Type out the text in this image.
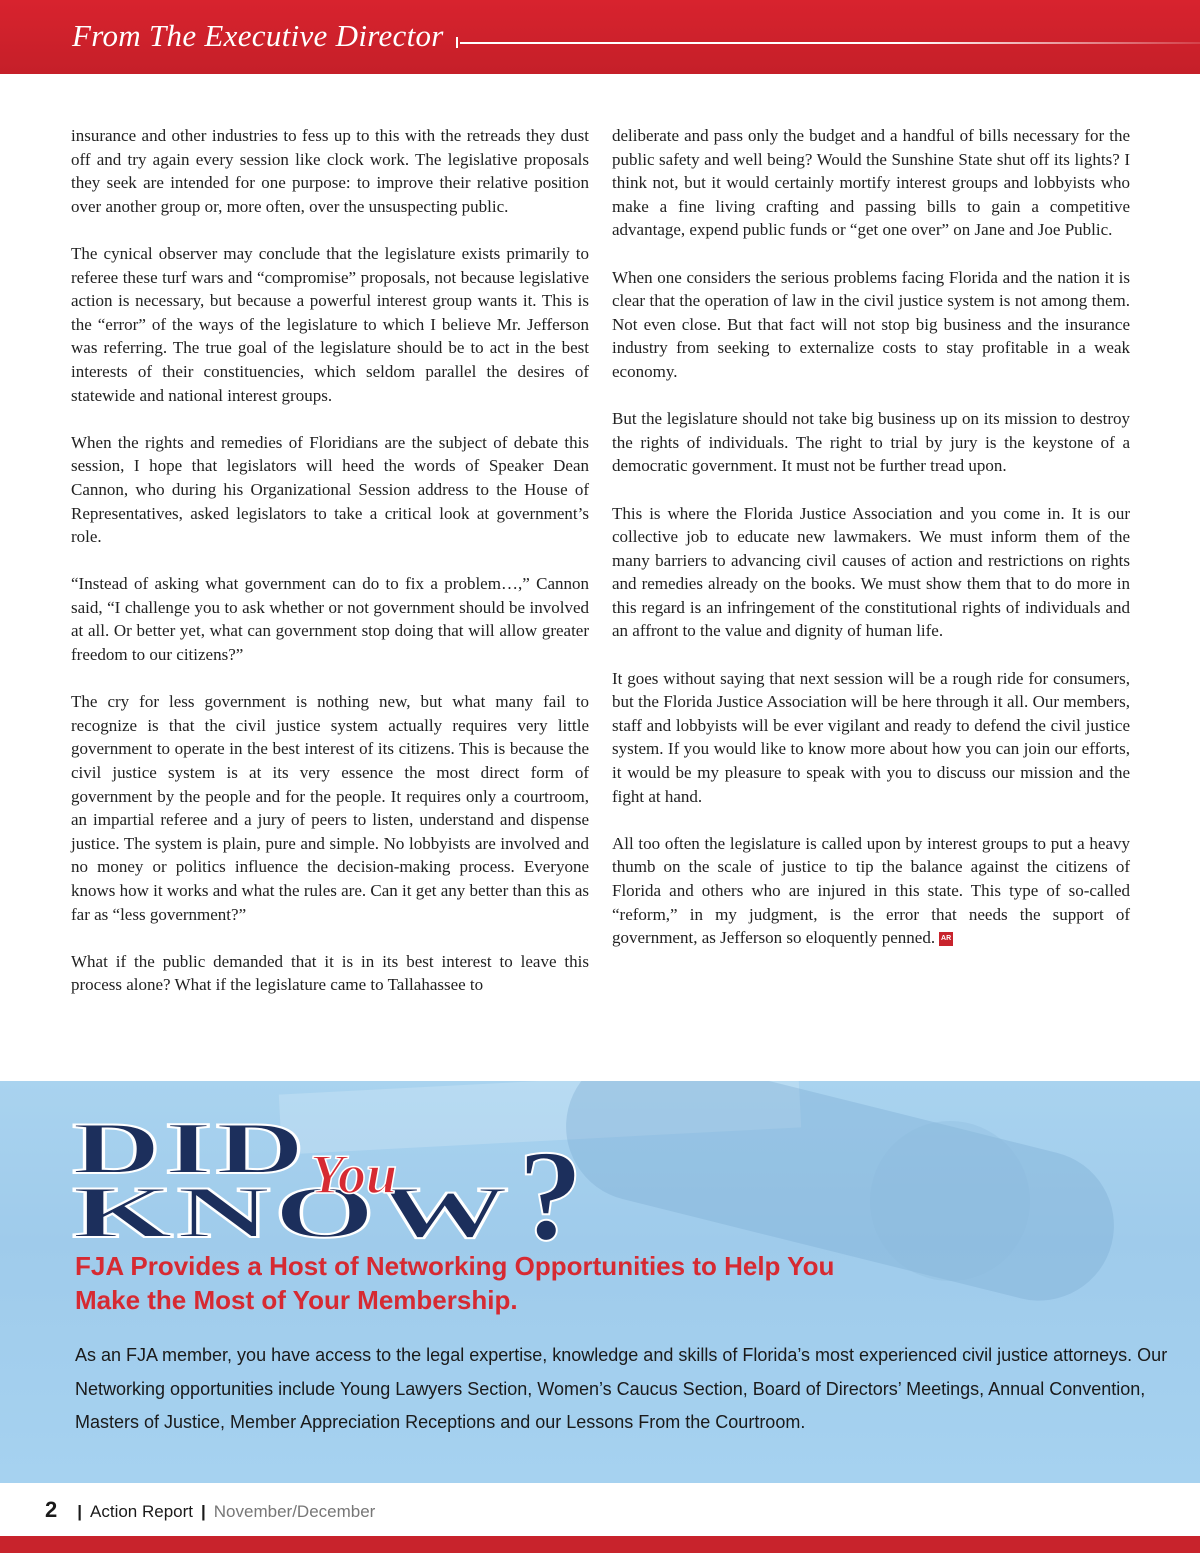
From The Executive Director

insurance and other industries to fess up to this with the retreads they dust off and try again every session like clock work. The legislative proposals they seek are intended for one purpose: to improve their relative position over another group or, more often, over the unsuspecting public.

The cynical observer may conclude that the legislature exists primarily to referee these turf wars and “compromise” proposals, not because legislative action is necessary, but because a powerful interest group wants it. This is the “error” of the ways of the legislature to which I believe Mr. Jefferson was referring. The true goal of the legislature should be to act in the best interests of their constituencies, which seldom parallel the desires of statewide and national interest groups.

When the rights and remedies of Floridians are the subject of debate this session, I hope that legislators will heed the words of Speaker Dean Cannon, who during his Organizational Session address to the House of Representatives, asked legislators to take a critical look at government’s role.

“Instead of asking what government can do to fix a problem…,” Cannon said, “I challenge you to ask whether or not government should be involved at all. Or better yet, what can government stop doing that will allow greater freedom to our citizens?”

The cry for less government is nothing new, but what many fail to recognize is that the civil justice system actually requires very little government to operate in the best interest of its citizens. This is because the civil justice system is at its very essence the most direct form of government by the people and for the people. It requires only a courtroom, an impartial referee and a jury of peers to listen, understand and dispense justice. The system is plain, pure and simple. No lobbyists are involved and no money or politics influence the decision-making process. Everyone knows how it works and what the rules are. Can it get any better than this as far as “less government?”

What if the public demanded that it is in its best interest to leave this process alone? What if the legislature came to Tallahassee to

deliberate and pass only the budget and a handful of bills necessary for the public safety and well being? Would the Sunshine State shut off its lights? I think not, but it would certainly mortify interest groups and lobbyists who make a fine living crafting and passing bills to gain a competitive advantage, expend public funds or “get one over” on Jane and Joe Public.

When one considers the serious problems facing Florida and the nation it is clear that the operation of law in the civil justice system is not among them. Not even close. But that fact will not stop big business and the insurance industry from seeking to externalize costs to stay profitable in a weak economy.

But the legislature should not take big business up on its mission to destroy the rights of individuals. The right to trial by jury is the keystone of a democratic government. It must not be further tread upon.

This is where the Florida Justice Association and you come in. It is our collective job to educate new lawmakers. We must inform them of the many barriers to advancing civil causes of action and restrictions on rights and remedies already on the books. We must show them that to do more in this regard is an infringement of the constitutional rights of individuals and an affront to the value and dignity of human life.

It goes without saying that next session will be a rough ride for consumers, but the Florida Justice Association will be here through it all. Our members, staff and lobbyists will be ever vigilant and ready to defend the civil justice system. If you would like to know more about how you can join our efforts, it would be my pleasure to speak with you to discuss our mission and the fight at hand.

All too often the legislature is called upon by interest groups to put a heavy thumb on the scale of justice to tip the balance against the citizens of Florida and others who are injured in this state. This type of so-called “reform,” in my judgment, is the error that needs the support of government, as Jefferson so eloquently penned. AR

DID
KNOW
You ?
FJA Provides a Host of Networking Opportunities to Help You
Make the Most of Your Membership.
As an FJA member, you have access to the legal expertise, knowledge and skills of Florida’s most experienced civil justice attorneys. Our Networking opportunities include Young Lawyers Section, Women’s Caucus Section, Board of Directors’ Meetings, Annual Convention, Masters of Justice, Member Appreciation Receptions and our Lessons From the Courtroom.
2 | Action Report | November/December
